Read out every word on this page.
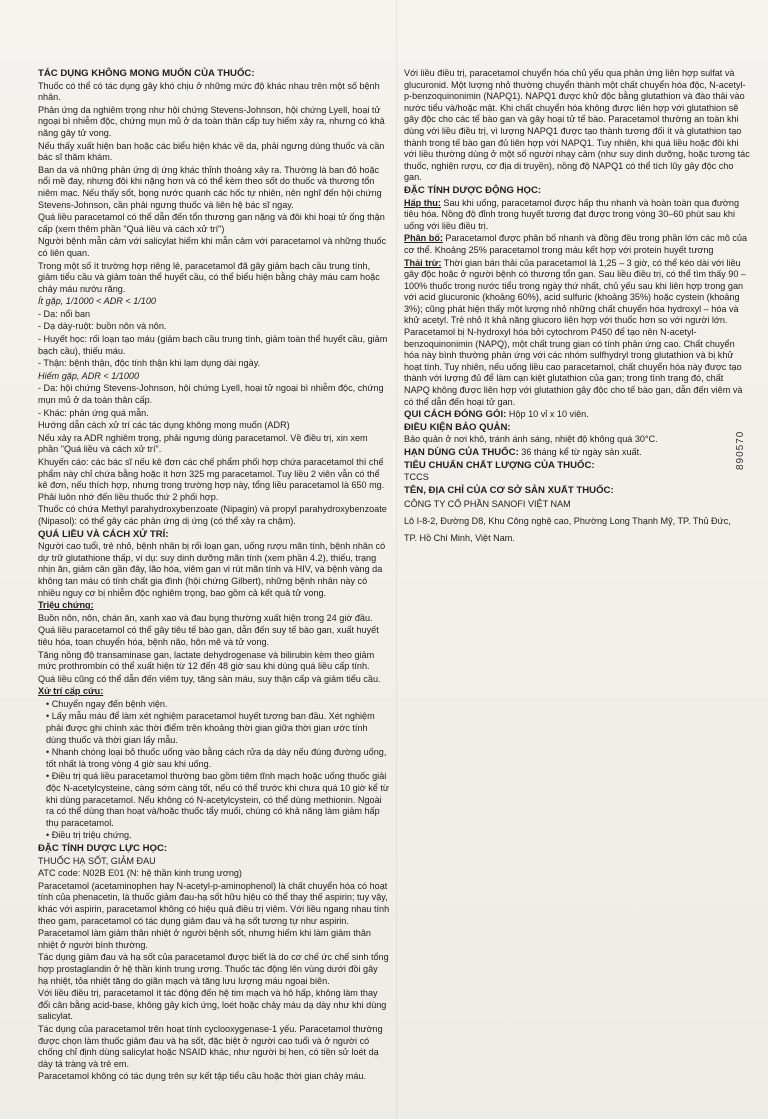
TÁC DỤNG KHÔNG MONG MUỐN CỦA THUỐC:

Thuốc có thể có tác dụng gây khó chịu ở những mức độ khác nhau trên một số bệnh nhân.

Phản ứng da nghiêm trọng như hội chứng Stevens-Johnson, hội chứng Lyell, hoại tử ngoại bì nhiễm độc, chứng mụn mủ ở da toàn thân cấp tuy hiếm xảy ra, nhưng có khả năng gây tử vong.

Nếu thấy xuất hiện ban hoặc các biểu hiện khác về da, phải ngưng dùng thuốc và cần bác sĩ thăm khám.

Ban da và những phản ứng dị ứng khác thỉnh thoảng xảy ra. Thường là ban đỏ hoặc nổi mề đay, nhưng đôi khi nặng hơn và có thể kèm theo sốt do thuốc và thương tổn niêm mạc. Nếu thấy sốt, bọng nước quanh các hốc tự nhiên, nên nghĩ đến hội chứng Stevens-Johnson, cần phải ngưng thuốc và liên hệ bác sĩ ngay.

Quá liều paracetamol có thể dẫn đến tổn thương gan nặng và đôi khi hoại tử ống thận cấp (xem thêm phần "Quá liều và cách xử trí")

Người bệnh mẫn cảm với salicylat hiếm khi mẫn cảm với paracetamol và những thuốc có liên quan.

Trong một số ít trường hợp riêng lẻ, paracetamol đã gây giảm bạch cầu trung tính, giảm tiểu cầu và giảm toàn thể huyết cầu, có thể biểu hiện bằng chảy máu cam hoặc chảy máu nướu răng.

Ít gặp, 1/1000 < ADR < 1/100

- Da: nổi ban

- Dạ dày-ruột: buồn nôn và nôn.

- Huyết học: rối loạn tạo máu (giảm bạch cầu trung tính, giảm toàn thể huyết cầu, giảm bạch cầu), thiếu máu.

- Thận: bệnh thận, độc tính thận khi lạm dụng dài ngày.

Hiếm gặp, ADR < 1/1000

- Da: hội chứng Stevens-Johnson, hội chứng Lyell, hoại tử ngoại bì nhiễm độc, chứng mụn mủ ở da toàn thân cấp.

- Khác: phản ứng quá mẫn.

Hướng dẫn cách xử trí các tác dụng không mong muốn (ADR)

Nếu xảy ra ADR nghiêm trọng, phải ngưng dùng paracetamol. Về điều trị, xin xem phần "Quá liều và cách xử trí".

Khuyến cáo: các bác sĩ nếu kê đơn các chế phẩm phối hợp chứa paracetamol thì chế phẩm này chỉ chứa bằng hoặc ít hơn 325 mg paracetamol. Tuy liều 2 viên vẫn có thể kê đơn, nếu thích hợp, nhưng trong trường hợp này, tổng liều paracetamol là 650 mg. Phải luôn nhớ đến liều thuốc thứ 2 phối hợp.

Thuốc có chứa Methyl parahydroxybenzoate (Nipagin) và propyl parahydroxybenzoate (Nipasol): có thể gây các phản ứng dị ứng (có thể xảy ra chậm).

QUÁ LIỀU VÀ CÁCH XỬ TRÍ:

Người cao tuổi, trẻ nhỏ, bệnh nhân bị rối loạn gan, uống rượu mãn tính, bệnh nhân có dự trữ glutathione thấp, ví dụ: suy dinh dưỡng mãn tính (xem phần 4.2), thiếu, trạng nhịn ăn, giảm cân gần đây, lão hóa, viêm gan vi rút mãn tính và HIV, và bệnh vàng da không tan máu có tính chất gia đình (hội chứng Gilbert), những bệnh nhân này có nhiều nguy cơ bị nhiễm độc nghiêm trọng, bao gồm cả kết quả tử vong.

Triệu chứng:

Buồn nôn, nôn, chán ăn, xanh xao và đau bụng thường xuất hiện trong 24 giờ đầu.

Quá liều paracetamol có thể gây tiêu tế bào gan, dẫn đến suy tế bào gan, xuất huyết tiêu hóa, toan chuyển hóa, bệnh não, hôn mê và tử vong.

Tăng nồng độ transaminase gan, lactate dehydrogenase và bilirubin kèm theo giảm mức prothrombin có thể xuất hiện từ 12 đến 48 giờ sau khi dùng quá liều cấp tính.

Quá liều cũng có thể dẫn đến viêm tụy, tăng sản máu, suy thận cấp và giảm tiểu cầu.

Xử trí cấp cứu:

• Chuyển ngay đến bệnh viện.

• Lấy mẫu máu để làm xét nghiệm paracetamol huyết tương ban đầu. Xét nghiệm phải được ghi chính xác thời điểm trên khoảng thời gian giữa thời gian ước tính dùng thuốc và thời gian lấy mẫu.

• Nhanh chóng loại bỏ thuốc uống vào bằng cách rửa dạ dày nếu đúng đường uống, tốt nhất là trong vòng 4 giờ sau khi uống.

• Điều trị quá liều paracetamol thường bao gồm tiêm tĩnh mạch hoặc uống thuốc giải độc N-acetylcysteine, càng sớm càng tốt, nếu có thể trước khi chưa quá 10 giờ kể từ khi dùng paracetamol. Nếu không có N-acetylcystein, có thể dùng methionin. Ngoài ra có thể dùng than hoạt và/hoặc thuốc tẩy muối, chúng có khả năng làm giảm hấp thụ paracetamol.

• Điều trị triệu chứng.

ĐẶC TÍNH DƯỢC LỰC HỌC:

THUỐC HẠ SỐT, GIẢM ĐAU

ATC code: N02B E01 (N: hệ thần kinh trung ương)

Paracetamol (acetaminophen hay N-acetyl-p-aminophenol) là chất chuyển hóa có hoạt tính của phenacetin, là thuốc giảm đau-hạ sốt hữu hiệu có thể thay thế aspirin; tuy vậy, khác với aspirin, paracetamol không có hiệu quả điều trị viêm. Với liều ngang nhau tính theo gam, paracetamol có tác dụng giảm đau và hạ sốt tương tự như aspirin.

Paracetamol làm giảm thân nhiệt ở người bệnh sốt, nhưng hiếm khi làm giảm thân nhiệt ở người bình thường.

Tác dụng giảm đau và hạ sốt của paracetamol được biết là do cơ chế ức chế sinh tổng hợp prostaglandin ở hệ thần kinh trung ương. Thuốc tác động lên vùng dưới đồi gây hạ nhiệt, tỏa nhiệt tăng do giãn mạch và tăng lưu lượng máu ngoại biên.

Với liều điều trị, paracetamol ít tác động đến hệ tim mạch và hô hấp, không làm thay đổi cân bằng acid-base, không gây kích ứng, loét hoặc chảy máu dạ dày như khi dùng salicylat.

Tác dụng của paracetamol trên hoạt tính cyclooxygenase-1 yếu. Paracetamol thường được chọn làm thuốc giảm đau và hạ sốt, đặc biệt ở người cao tuổi và ở người có chống chỉ định dùng salicylat hoặc NSAID khác, như người bị hen, có tiền sử loét dạ dày tá tràng và trẻ em.

Paracetamol không có tác dụng trên sự kết tập tiểu cầu hoặc thời gian chảy máu.

Với liều điều trị, paracetamol chuyển hóa chủ yếu qua phản ứng liên hợp sulfat và glucuronid. Một lượng nhỏ thường chuyển thành một chất chuyển hóa độc, N-acetyl-p-benzoquinonimin (NAPQ1). NAPQ1 được khử độc bằng glutathion và đào thải vào nước tiểu và/hoặc mật. Khi chất chuyển hóa không được liên hợp với glutathion sẽ gây độc cho các tế bào gan và gây hoại tử tế bào. Paracetamol thường an toàn khi dùng với liều điều trị, vì lượng NAPQ1 được tạo thành tương đối ít và glutathion tạo thành trong tế bào gan đủ liên hợp với NAPQ1. Tuy nhiên, khi quá liều hoặc đôi khi với liều thường dùng ở một số người nhạy cảm (như suy dinh dưỡng, hoặc tương tác thuốc, nghiện rượu, cơ địa di truyền), nồng độ NAPQ1 có thể tích lũy gây độc cho gan.

ĐẶC TÍNH DƯỢC ĐỘNG HỌC:

Hấp thu: Sau khi uống, paracetamol được hấp thu nhanh và hoàn toàn qua đường tiêu hóa. Nồng độ đỉnh trong huyết tương đạt được trong vòng 30–60 phút sau khi uống với liều điều trị.

Phân bố: Paracetamol được phân bố nhanh và đồng đều trong phần lớn các mô của cơ thể. Khoảng 25% paracetamol trong máu kết hợp với protein huyết tương

Thải trừ: Thời gian bán thải của paracetamol là 1,25 – 3 giờ, có thể kéo dài với liều gây độc hoặc ở người bệnh có thương tổn gan. Sau liều điều trị, có thể tìm thấy 90 – 100% thuốc trong nước tiểu trong ngày thứ nhất, chủ yếu sau khi liên hợp trong gan với acid glucuronic (khoảng 60%), acid sulfuric (khoảng 35%) hoặc cystein (khoảng 3%); cũng phát hiện thấy một lượng nhỏ những chất chuyển hóa hydroxyl – hóa và khử acetyl. Trẻ nhỏ ít khả năng glucoro liên hợp với thuốc hơn so với người lớn. Paracetamol bị N-hydroxyl hóa bởi cytochrom P450 để tạo nên N-acetyl-benzoquinonimin (NAPQ), một chất trung gian có tính phản ứng cao. Chất chuyển hóa này bình thường phản ứng với các nhóm sulfhydryl trong glutathion và bị khử hoạt tính. Tuy nhiên, nếu uống liều cao paracetamol, chất chuyển hóa này được tạo thành với lượng đủ để làm cạn kiệt glutathion của gan; trong tình trạng đó, chất NAPQ không được liên hợp với glutathion gây độc cho tế bào gan, dẫn đến viêm và có thể dẫn đến hoại tử gan.

QUI CÁCH ĐÓNG GÓI: Hộp 10 vỉ x 10 viên.

ĐIỀU KIỆN BẢO QUẢN:

Bảo quản ở nơi khô, tránh ánh sáng, nhiệt độ không quá 30°C.

HẠN DÙNG CỦA THUỐC: 36 tháng kể từ ngày sản xuất.

TIÊU CHUẨN CHẤT LƯỢNG CỦA THUỐC:

TCCS

TÊN, ĐỊA CHỈ CỦA CƠ SỞ SẢN XUẤT THUỐC:

CÔNG TY CỔ PHẦN SANOFI VIỆT NAM

Lô I-8-2, Đường D8, Khu Công nghệ cao, Phường Long Thạnh Mỹ, TP. Thủ Đức,

TP. Hồ Chí Minh, Việt Nam.

890570
